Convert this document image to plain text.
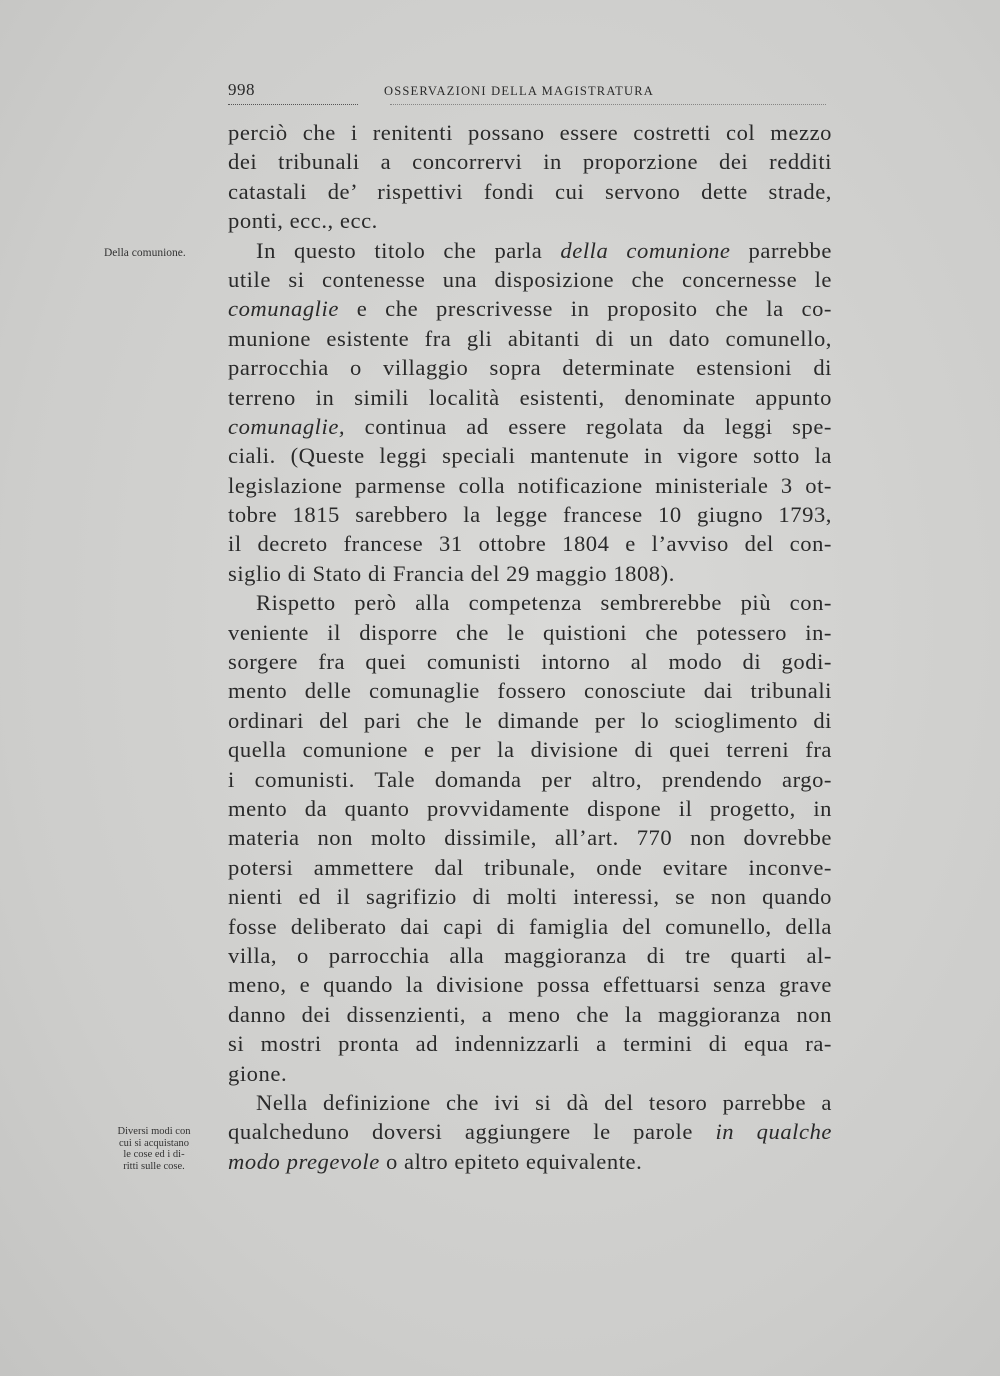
998	OSSERVAZIONI DELLA MAGISTRATURA
Della comunione.
Diversi modi con
cui si acquistano
le cose ed i di-
ritti sulle cose.
perciò che i renitenti possano essere costretti col mezzo
dei tribunali a concorrervi in proporzione dei redditi
catastali de’ rispettivi fondi cui servono dette strade,
ponti, ecc., ecc.
In questo titolo che parla della comunione parrebbe
utile si contenesse una disposizione che concernesse le
comunaglie e che prescrivesse in proposito che la co-
munione esistente fra gli abitanti di un dato comunello,
parrocchia o villaggio sopra determinate estensioni di
terreno in simili località esistenti, denominate appunto
comunaglie, continua ad essere regolata da leggi spe-
ciali. (Queste leggi speciali mantenute in vigore sotto la
legislazione parmense colla notificazione ministeriale 3 ot-
tobre 1815 sarebbero la legge francese 10 giugno 1793,
il decreto francese 31 ottobre 1804 e l’avviso del con-
siglio di Stato di Francia del 29 maggio 1808).
Rispetto però alla competenza sembrerebbe più con-
veniente il disporre che le quistioni che potessero in-
sorgere fra quei comunisti intorno al modo di godi-
mento delle comunaglie fossero conosciute dai tribunali
ordinari del pari che le dimande per lo scioglimento di
quella comunione e per la divisione di quei terreni fra
i comunisti. Tale domanda per altro, prendendo argo-
mento da quanto provvidamente dispone il progetto, in
materia non molto dissimile, all’art. 770 non dovrebbe
potersi ammettere dal tribunale, onde evitare inconve-
nienti ed il sagrifizio di molti interessi, se non quando
fosse deliberato dai capi di famiglia del comunello, della
villa, o parrocchia alla maggioranza di tre quarti al-
meno, e quando la divisione possa effettuarsi senza grave
danno dei dissenzienti, a meno che la maggioranza non
si mostri pronta ad indennizzarli a termini di equa ra-
gione.
Nella definizione che ivi si dà del tesoro parrebbe a
qualcheduno doversi aggiungere le parole in qualche
modo pregevole o altro epiteto equivalente.
